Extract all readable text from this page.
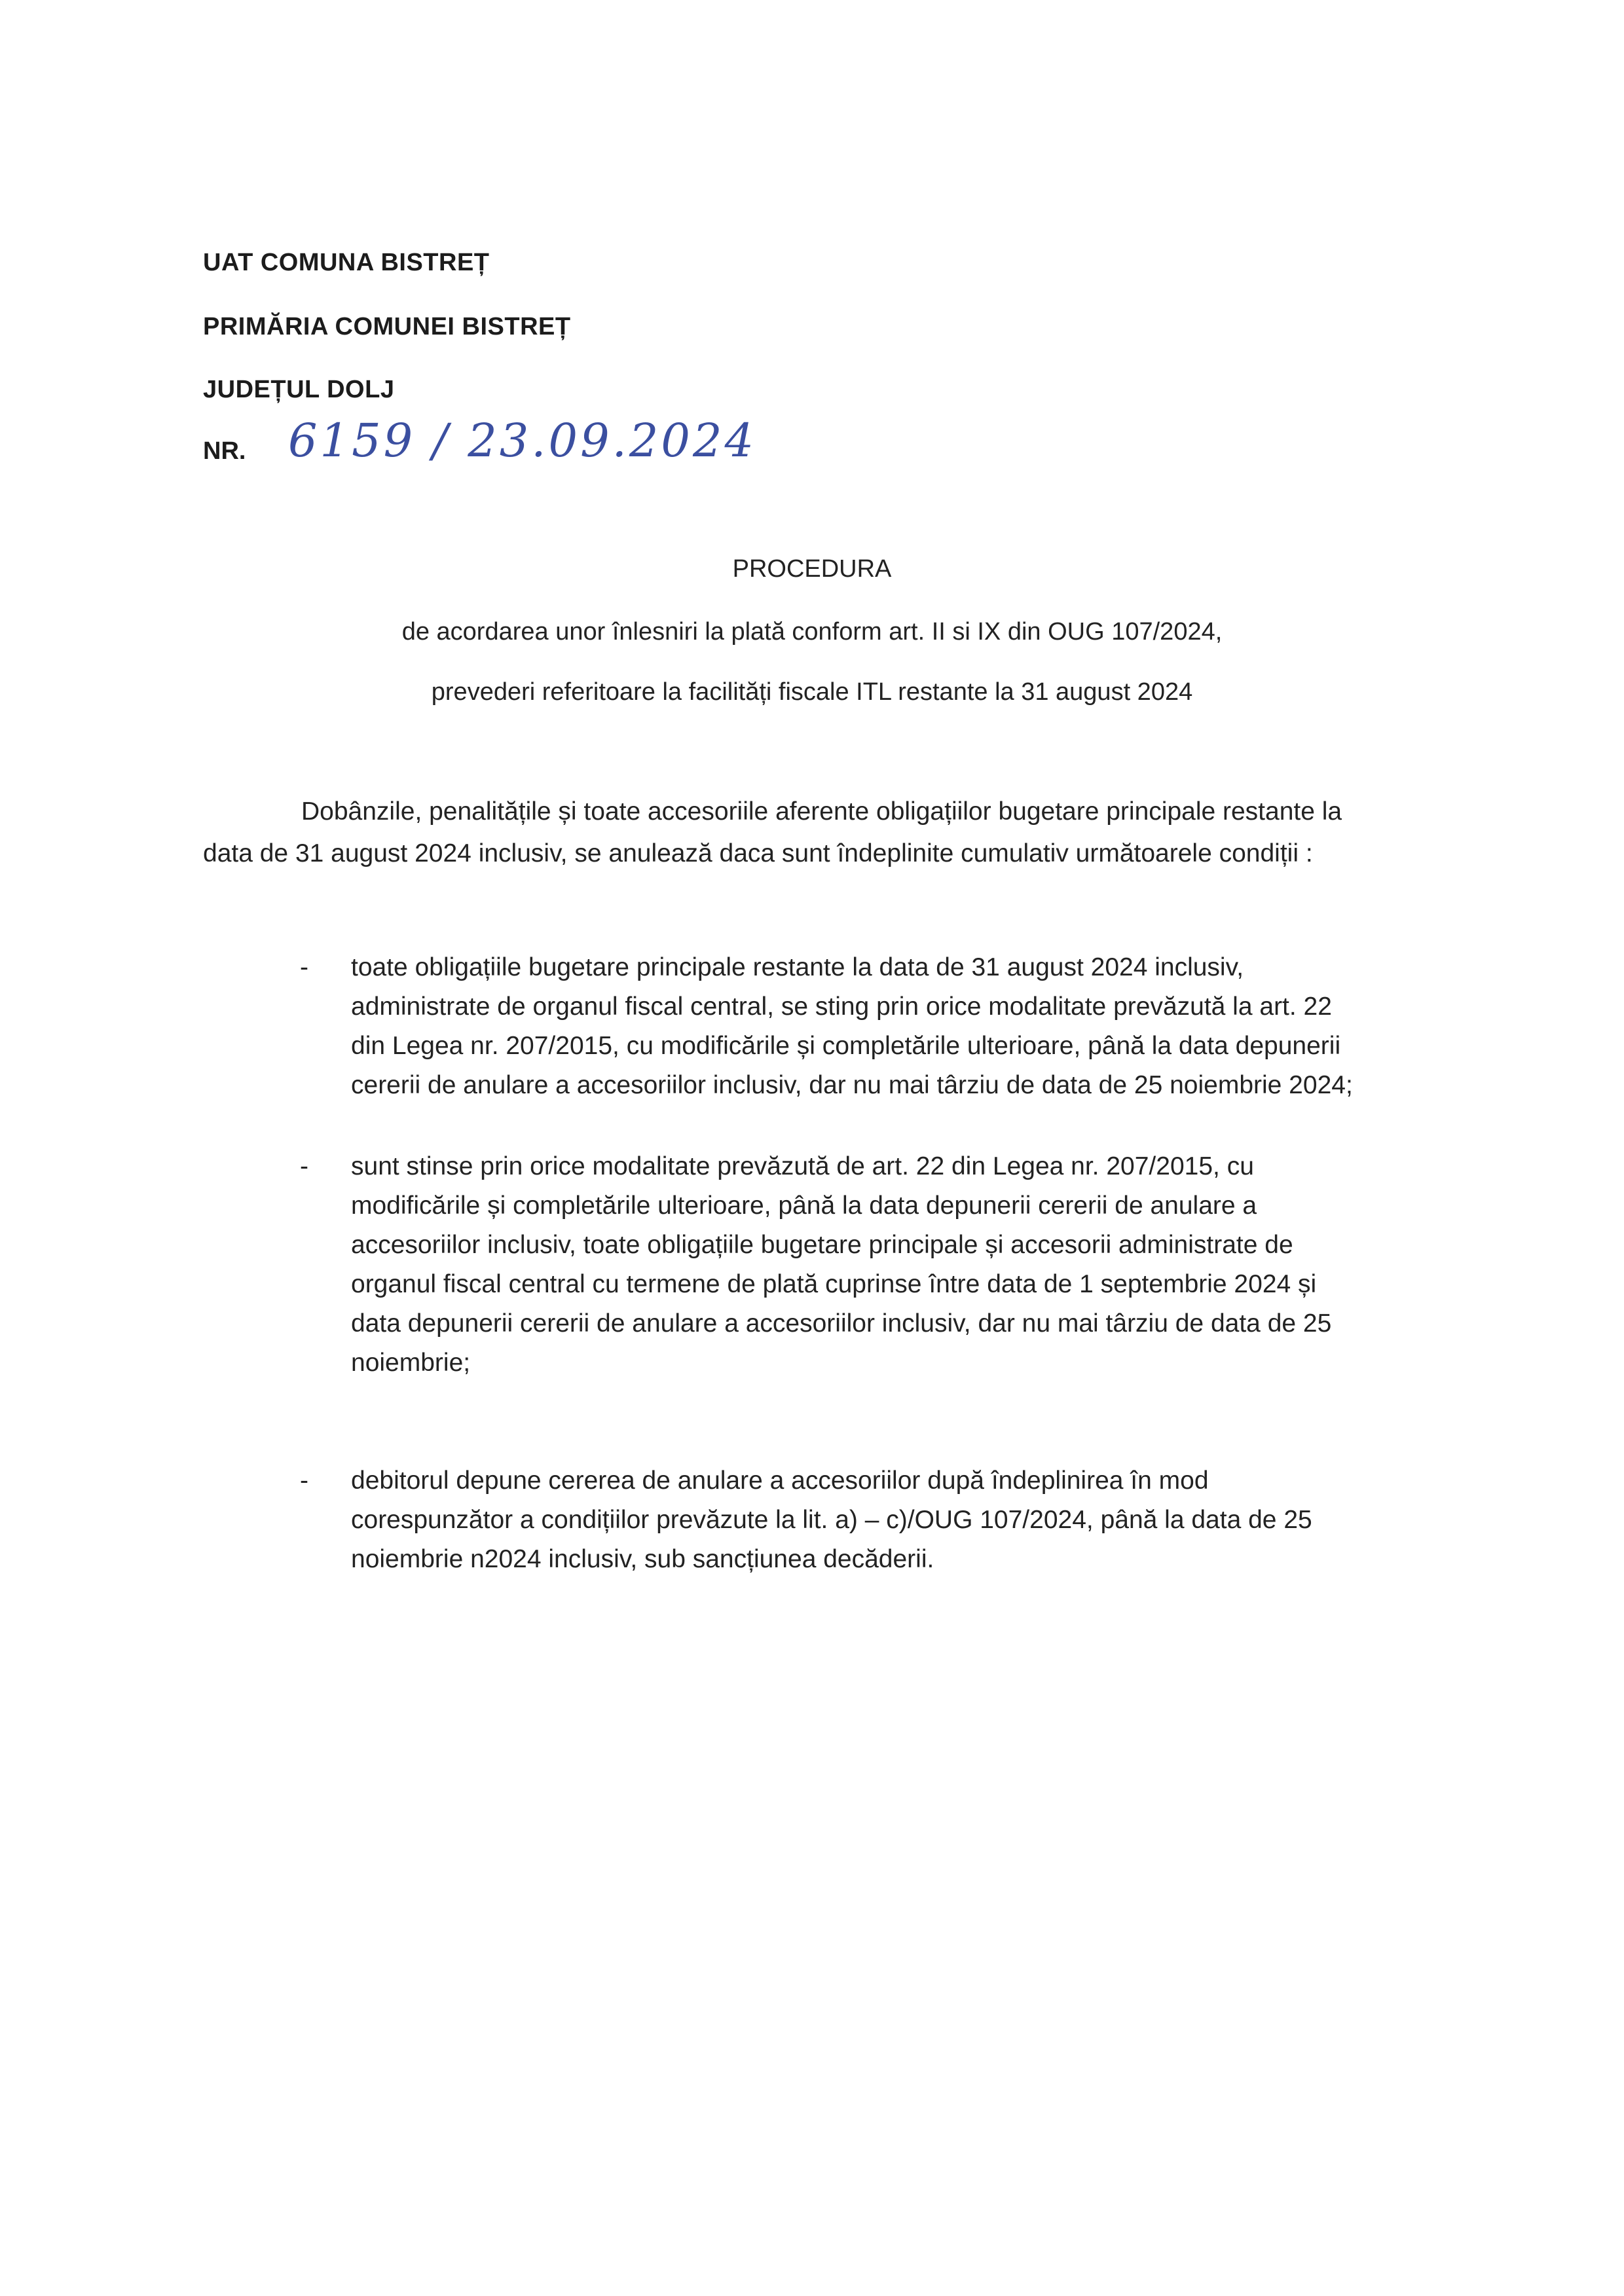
UAT COMUNA BISTREȚ
PRIMĂRIA COMUNEI BISTREȚ
JUDEȚUL DOLJ
NR. 6159 / 23.09.2024
PROCEDURA
de acordarea unor înlesniri la plată conform art. II si IX din OUG 107/2024,
prevederi referitoare la facilități fiscale ITL restante la 31 august 2024
Dobânzile, penalitățile și toate accesoriile aferente obligațiilor bugetare principale restante la
data de 31 august 2024 inclusiv, se anulează daca sunt îndeplinite cumulativ următoarele condiții :
- toate obligațiile bugetare principale restante la data de 31 august 2024 inclusiv,
administrate de organul fiscal central, se sting prin orice modalitate prevăzută la art. 22
din Legea nr. 207/2015, cu modificările și completările ulterioare, până la data depunerii
cererii de anulare a accesoriilor inclusiv, dar nu mai târziu de data de 25 noiembrie 2024;
- sunt stinse prin orice modalitate prevăzută de art. 22 din Legea nr. 207/2015, cu
modificările și completările ulterioare, până la data depunerii cererii de anulare a
accesoriilor inclusiv, toate obligațiile bugetare principale și accesorii administrate de
organul fiscal central cu termene de plată cuprinse între data de 1 septembrie 2024 și
data depunerii cererii de anulare a accesoriilor inclusiv, dar nu mai târziu de data de 25
noiembrie;
- debitorul depune cererea de anulare a accesoriilor după îndeplinirea în mod
corespunzător a condițiilor prevăzute la lit. a) – c)/OUG 107/2024, până la data de 25
noiembrie n2024 inclusiv, sub sancțiunea decăderii.
